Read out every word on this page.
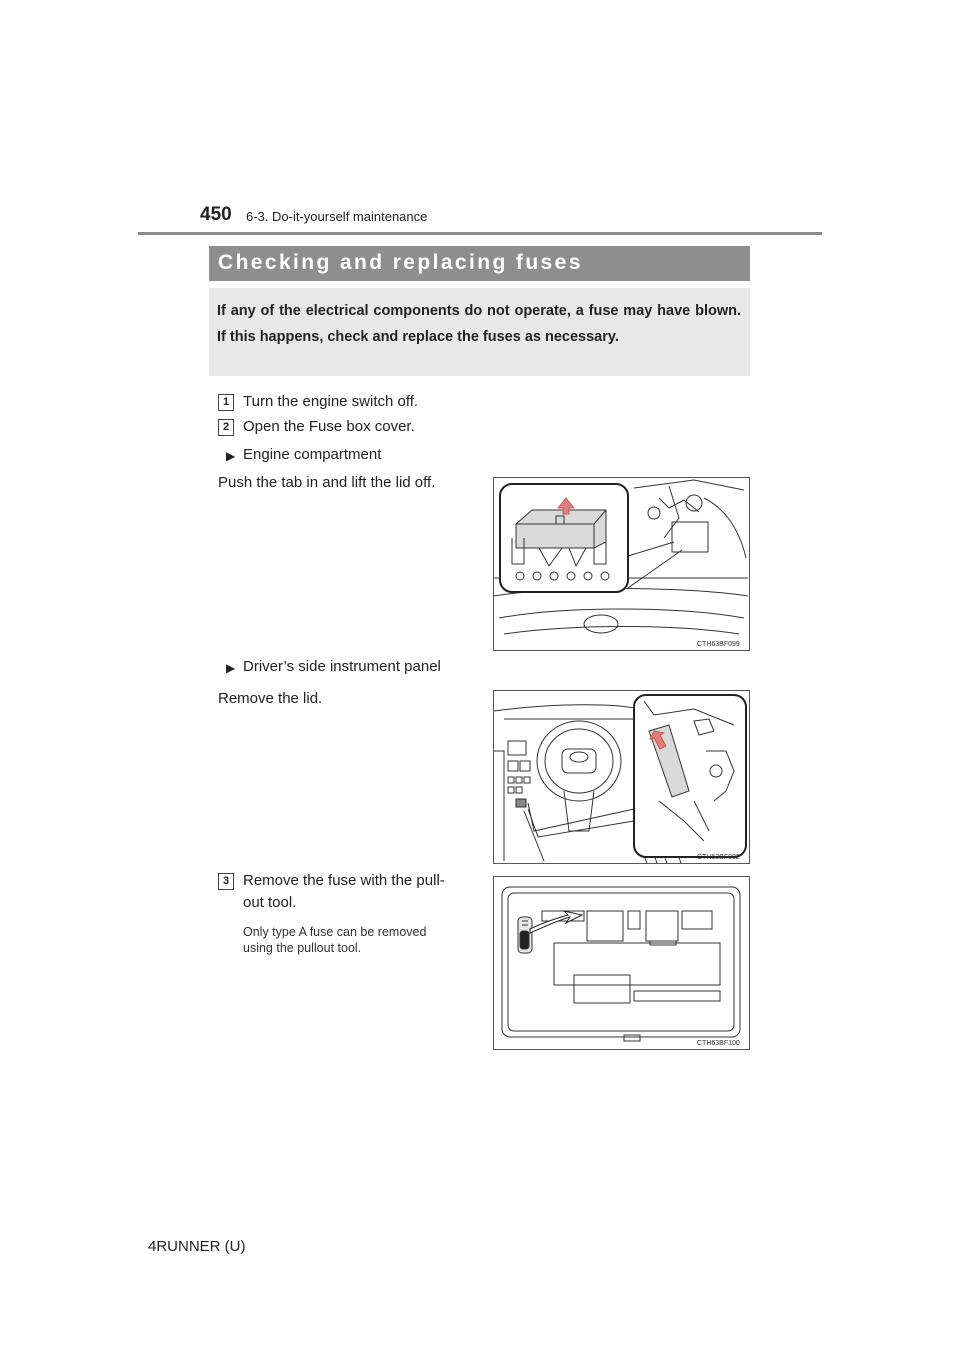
450 6-3. Do-it-yourself maintenance
Checking and replacing fuses
If any of the electrical components do not operate, a fuse may have blown. If this happens, check and replace the fuses as necessary.
1 Turn the engine switch off.
2 Open the Fuse box cover.
▶ Engine compartment
Push the tab in and lift the lid off.
CTH63BF099
▶ Driver’s side instrument panel
Remove the lid.
CTH63BF082
3 Remove the fuse with the pull-
out tool.
Only type A fuse can be removed
using the pullout tool.
CTH63BF100
4RUNNER (U)
